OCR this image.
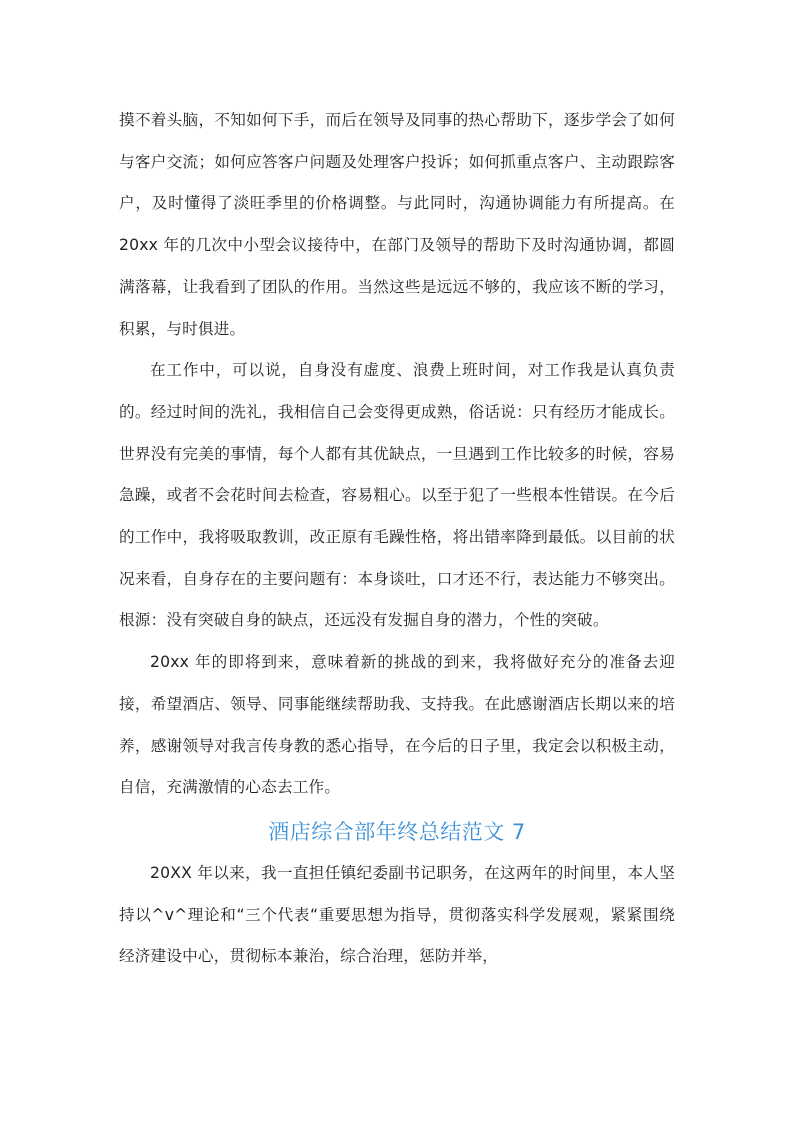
摸不着头脑，不知如何下手，而后在领导及同事的热心帮助下，逐步学会了如何与客户交流；如何应答客户问题及处理客户投诉；如何抓重点客户、主动跟踪客户，及时懂得了淡旺季里的价格调整。与此同时，沟通协调能力有所提高。在 20xx 年的几次中小型会议接待中，在部门及领导的帮助下及时沟通协调，都圆满落幕，让我看到了团队的作用。当然这些是远远不够的，我应该不断的学习，积累，与时俱进。

在工作中，可以说，自身没有虚度、浪费上班时间，对工作我是认真负责的。经过时间的洗礼，我相信自己会变得更成熟，俗话说：只有经历才能成长。世界没有完美的事情，每个人都有其优缺点，一旦遇到工作比较多的时候，容易急躁，或者不会花时间去检查，容易粗心。以至于犯了一些根本性错误。在今后的工作中，我将吸取教训，改正原有毛躁性格，将出错率降到最低。以目前的状况来看，自身存在的主要问题有：本身谈吐，口才还不行，表达能力不够突出。根源：没有突破自身的缺点，还远没有发掘自身的潜力，个性的突破。

20xx 年的即将到来，意味着新的挑战的到来，我将做好充分的准备去迎接，希望酒店、领导、同事能继续帮助我、支持我。在此感谢酒店长期以来的培养，感谢领导对我言传身教的悉心指导，在今后的日子里，我定会以积极主动，自信，充满激情的心态去工作。

酒店综合部年终总结范文 7

20XX 年以来，我一直担任镇纪委副书记职务，在这两年的时间里，本人坚持以^v^理论和“三个代表“重要思想为指导，贯彻落实科学发展观，紧紧围绕经济建设中心，贯彻标本兼治，综合治理，惩防并举，
